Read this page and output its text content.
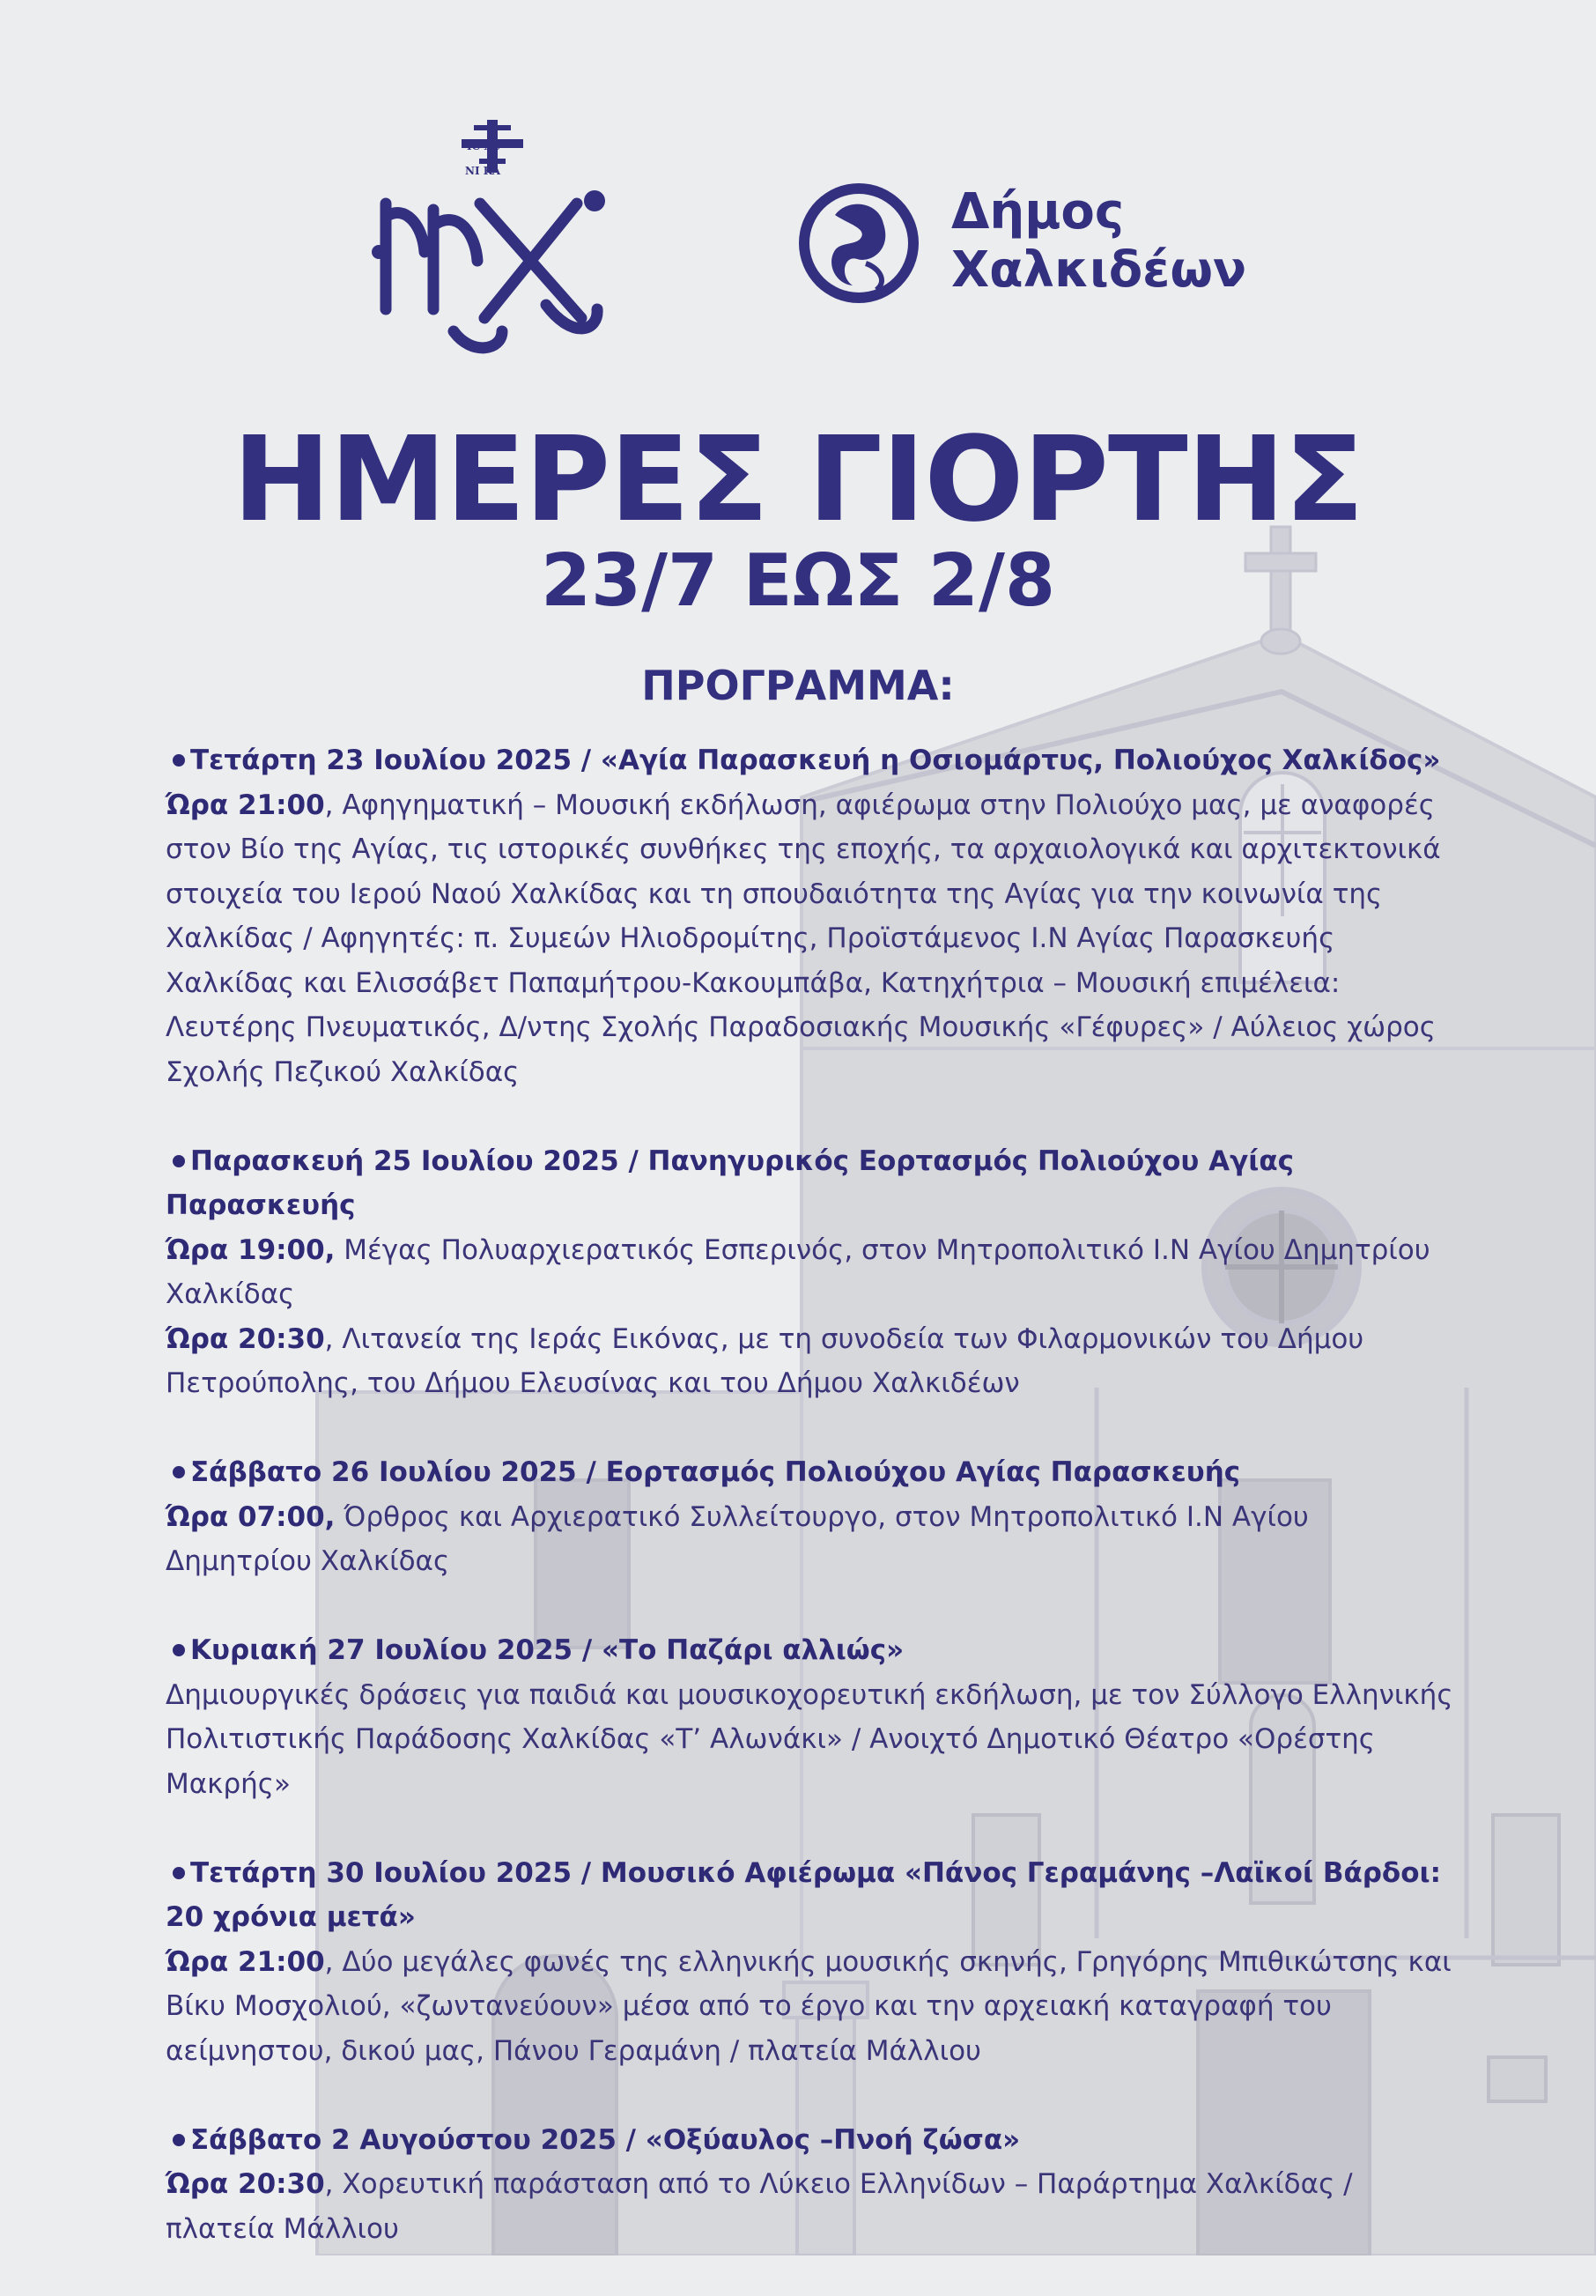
IC XC
NI KA
Δήμος
Χαλκιδέων
ΗΜΕΡΕΣ ΓΙΟΡΤΗΣ
23/7 ΕΩΣ 2/8
ΠΡΟΓΡΑΜΜΑ:
Τετάρτη 23 Ιουλίου 2025 / «Αγία Παρασκευή η Οσιομάρτυς, Πολιούχος Χαλκίδος»
Ώρα 21:00, Αφηγηματική – Μουσική εκδήλωση, αφιέρωμα στην Πολιούχο μας, με αναφορές στον Βίο της Αγίας, τις ιστορικές συνθήκες της εποχής, τα αρχαιολογικά και αρχιτεκτονικά στοιχεία του Ιερού Ναού Χαλκίδας και τη σπουδαιότητα της Αγίας για την κοινωνία της Χαλκίδας / Αφηγητές: π. Συμεών Ηλιοδρομίτης, Προϊστάμενος Ι.Ν Αγίας Παρασκευής Χαλκίδας και Ελισσάβετ Παπαμήτρου-Κακουμπάβα, Κατηχήτρια – Μουσική επιμέλεια: Λευτέρης Πνευματικός, Δ/ντης Σχολής Παραδοσιακής Μουσικής «Γέφυρες» / Αύλειος χώρος Σχολής Πεζικού Χαλκίδας
Παρασκευή 25 Ιουλίου 2025 / Πανηγυρικός Εορτασμός Πολιούχου Αγίας Παρασκευής
Ώρα 19:00, Μέγας Πολυαρχιερατικός Εσπερινός, στον Μητροπολιτικό Ι.Ν Αγίου Δημητρίου Χαλκίδας
Ώρα 20:30, Λιτανεία της Ιεράς Εικόνας, με τη συνοδεία των Φιλαρμονικών του Δήμου Πετρούπολης, του Δήμου Ελευσίνας και του Δήμου Χαλκιδέων
Σάββατο 26 Ιουλίου 2025 / Εορτασμός Πολιούχου Αγίας Παρασκευής
Ώρα 07:00, Όρθρος και Αρχιερατικό Συλλείτουργο, στον Μητροπολιτικό Ι.Ν Αγίου Δημητρίου Χαλκίδας
Κυριακή 27 Ιουλίου 2025 / «Το Παζάρι αλλιώς»
Δημιουργικές δράσεις για παιδιά και μουσικοχορευτική εκδήλωση, με τον Σύλλογο Ελληνικής Πολιτιστικής Παράδοσης Χαλκίδας «Τ’ Αλωνάκι» / Ανοιχτό Δημοτικό Θέατρο «Ορέστης Μακρής»
Τετάρτη 30 Ιουλίου 2025 / Μουσικό Αφιέρωμα «Πάνος Γεραμάνης –Λαϊκοί Βάρδοι: 20 χρόνια μετά»
Ώρα 21:00, Δύο μεγάλες φωνές της ελληνικής μουσικής σκηνής, Γρηγόρης Μπιθικώτσης και Βίκυ Μοσχολιού, «ζωντανεύουν» μέσα από το έργο και την αρχειακή καταγραφή του αείμνηστου, δικού μας, Πάνου Γεραμάνη / πλατεία Μάλλιου
Σάββατο 2 Αυγούστου 2025 / «Οξύαυλος –Πνοή ζώσα»
Ώρα 20:30, Χορευτική παράσταση από το Λύκειο Ελληνίδων – Παράρτημα Χαλκίδας / πλατεία Μάλλιου
